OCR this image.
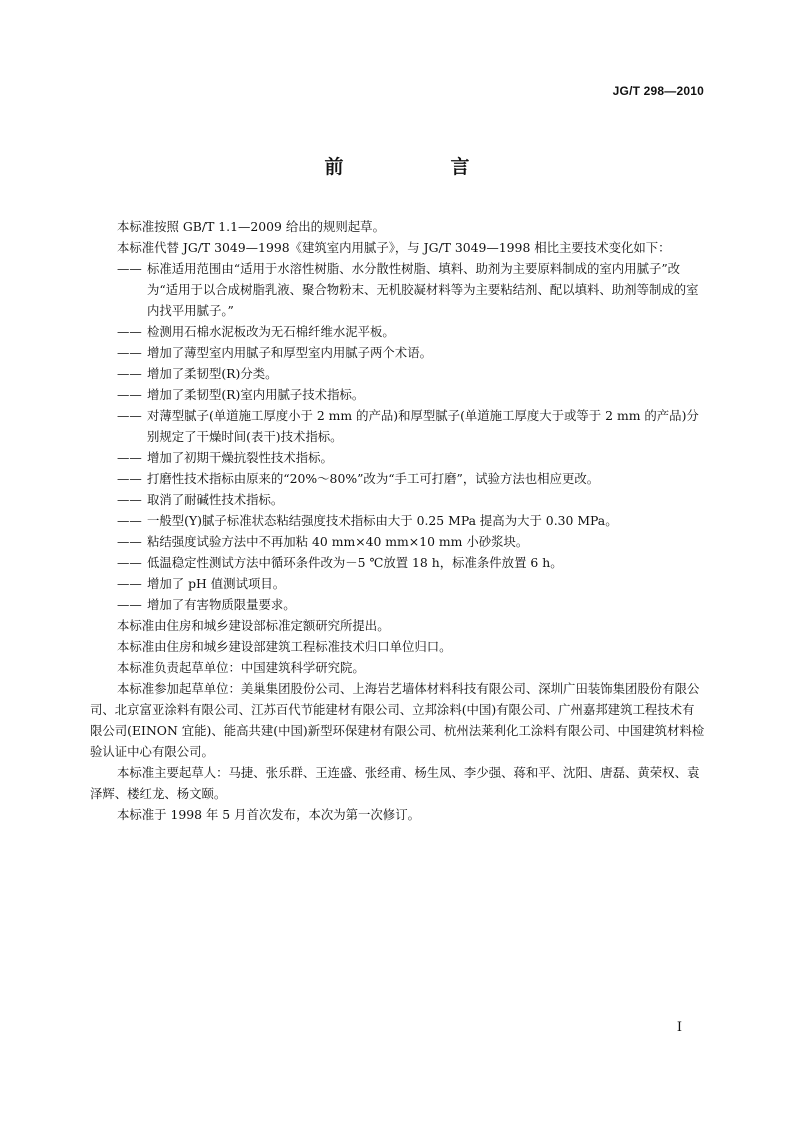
JG/T 298—2010
前　言

本标准按照 GB/T 1.1—2009 给出的规则起草。

本标准代替 JG/T 3049—1998《建筑室内用腻子》，与 JG/T 3049—1998 相比主要技术变化如下：

—— 标准适用范围由“适用于水溶性树脂、水分散性树脂、填料、助剂为主要原料制成的室内用腻子”改为“适用于以合成树脂乳液、聚合物粉末、无机胶凝材料等为主要粘结剂、配以填料、助剂等制成的室内找平用腻子。”

—— 检测用石棉水泥板改为无石棉纤维水泥平板。

—— 增加了薄型室内用腻子和厚型室内用腻子两个术语。

—— 增加了柔韧型(R)分类。

—— 增加了柔韧型(R)室内用腻子技术指标。

—— 对薄型腻子(单道施工厚度小于 2 mm 的产品)和厚型腻子(单道施工厚度大于或等于 2 mm 的产品)分别规定了干燥时间(表干)技术指标。

—— 增加了初期干燥抗裂性技术指标。

—— 打磨性技术指标由原来的“20%～80%”改为“手工可打磨”，试验方法也相应更改。

—— 取消了耐碱性技术指标。

—— 一般型(Y)腻子标准状态粘结强度技术指标由大于 0.25 MPa 提高为大于 0.30 MPa。

—— 粘结强度试验方法中不再加粘 40 mm×40 mm×10 mm 小砂浆块。

—— 低温稳定性测试方法中循环条件改为－5 ℃放置 18 h，标准条件放置 6 h。

—— 增加了 pH 值测试项目。

—— 增加了有害物质限量要求。

本标准由住房和城乡建设部标准定额研究所提出。

本标准由住房和城乡建设部建筑工程标准技术归口单位归口。

本标准负责起草单位：中国建筑科学研究院。

本标准参加起草单位：美巢集团股份公司、上海岩艺墙体材料科技有限公司、深圳广田装饰集团股份有限公司、北京富亚涂料有限公司、江苏百代节能建材有限公司、立邦涂料(中国)有限公司、广州嘉邦建筑工程技术有限公司(EINON 宜能)、能高共建(中国)新型环保建材有限公司、杭州法莱利化工涂料有限公司、中国建筑材料检验认证中心有限公司。

本标准主要起草人：马捷、张乐群、王连盛、张经甫、杨生凤、李少强、蒋和平、沈阳、唐磊、黄荣权、袁泽辉、楼红龙、杨文颐。

本标准于 1998 年 5 月首次发布，本次为第一次修订。

I
